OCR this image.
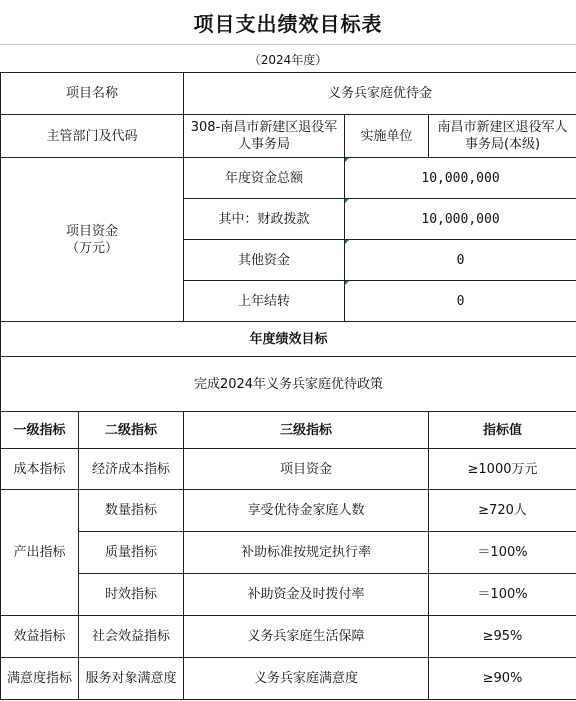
项目支出绩效目标表
（2024年度）
项目名称		义务兵家庭优待金		
主管部门及代码		308-南昌市新建区退役军人事务局	实施单位	南昌市新建区退役军人事务局(本级)
项目资金
（万元）		年度资金总额	10,000,000	
		其中：财政拨款	10,000,000	
		其他资金	0	
		上年结转	0	
年度绩效目标				
完成2024年义务兵家庭优待政策				
一级指标	二级指标	三级指标		指标值
成本指标	经济成本指标	项目资金		≥1000万元
产出指标	数量指标	享受优待金家庭人数		≥720人
	质量指标	补助标准按规定执行率		＝100%
	时效指标	补助资金及时拨付率		＝100%
效益指标	社会效益指标	义务兵家庭生活保障		≥95%
满意度指标	服务对象满意度	义务兵家庭满意度		≥90%
